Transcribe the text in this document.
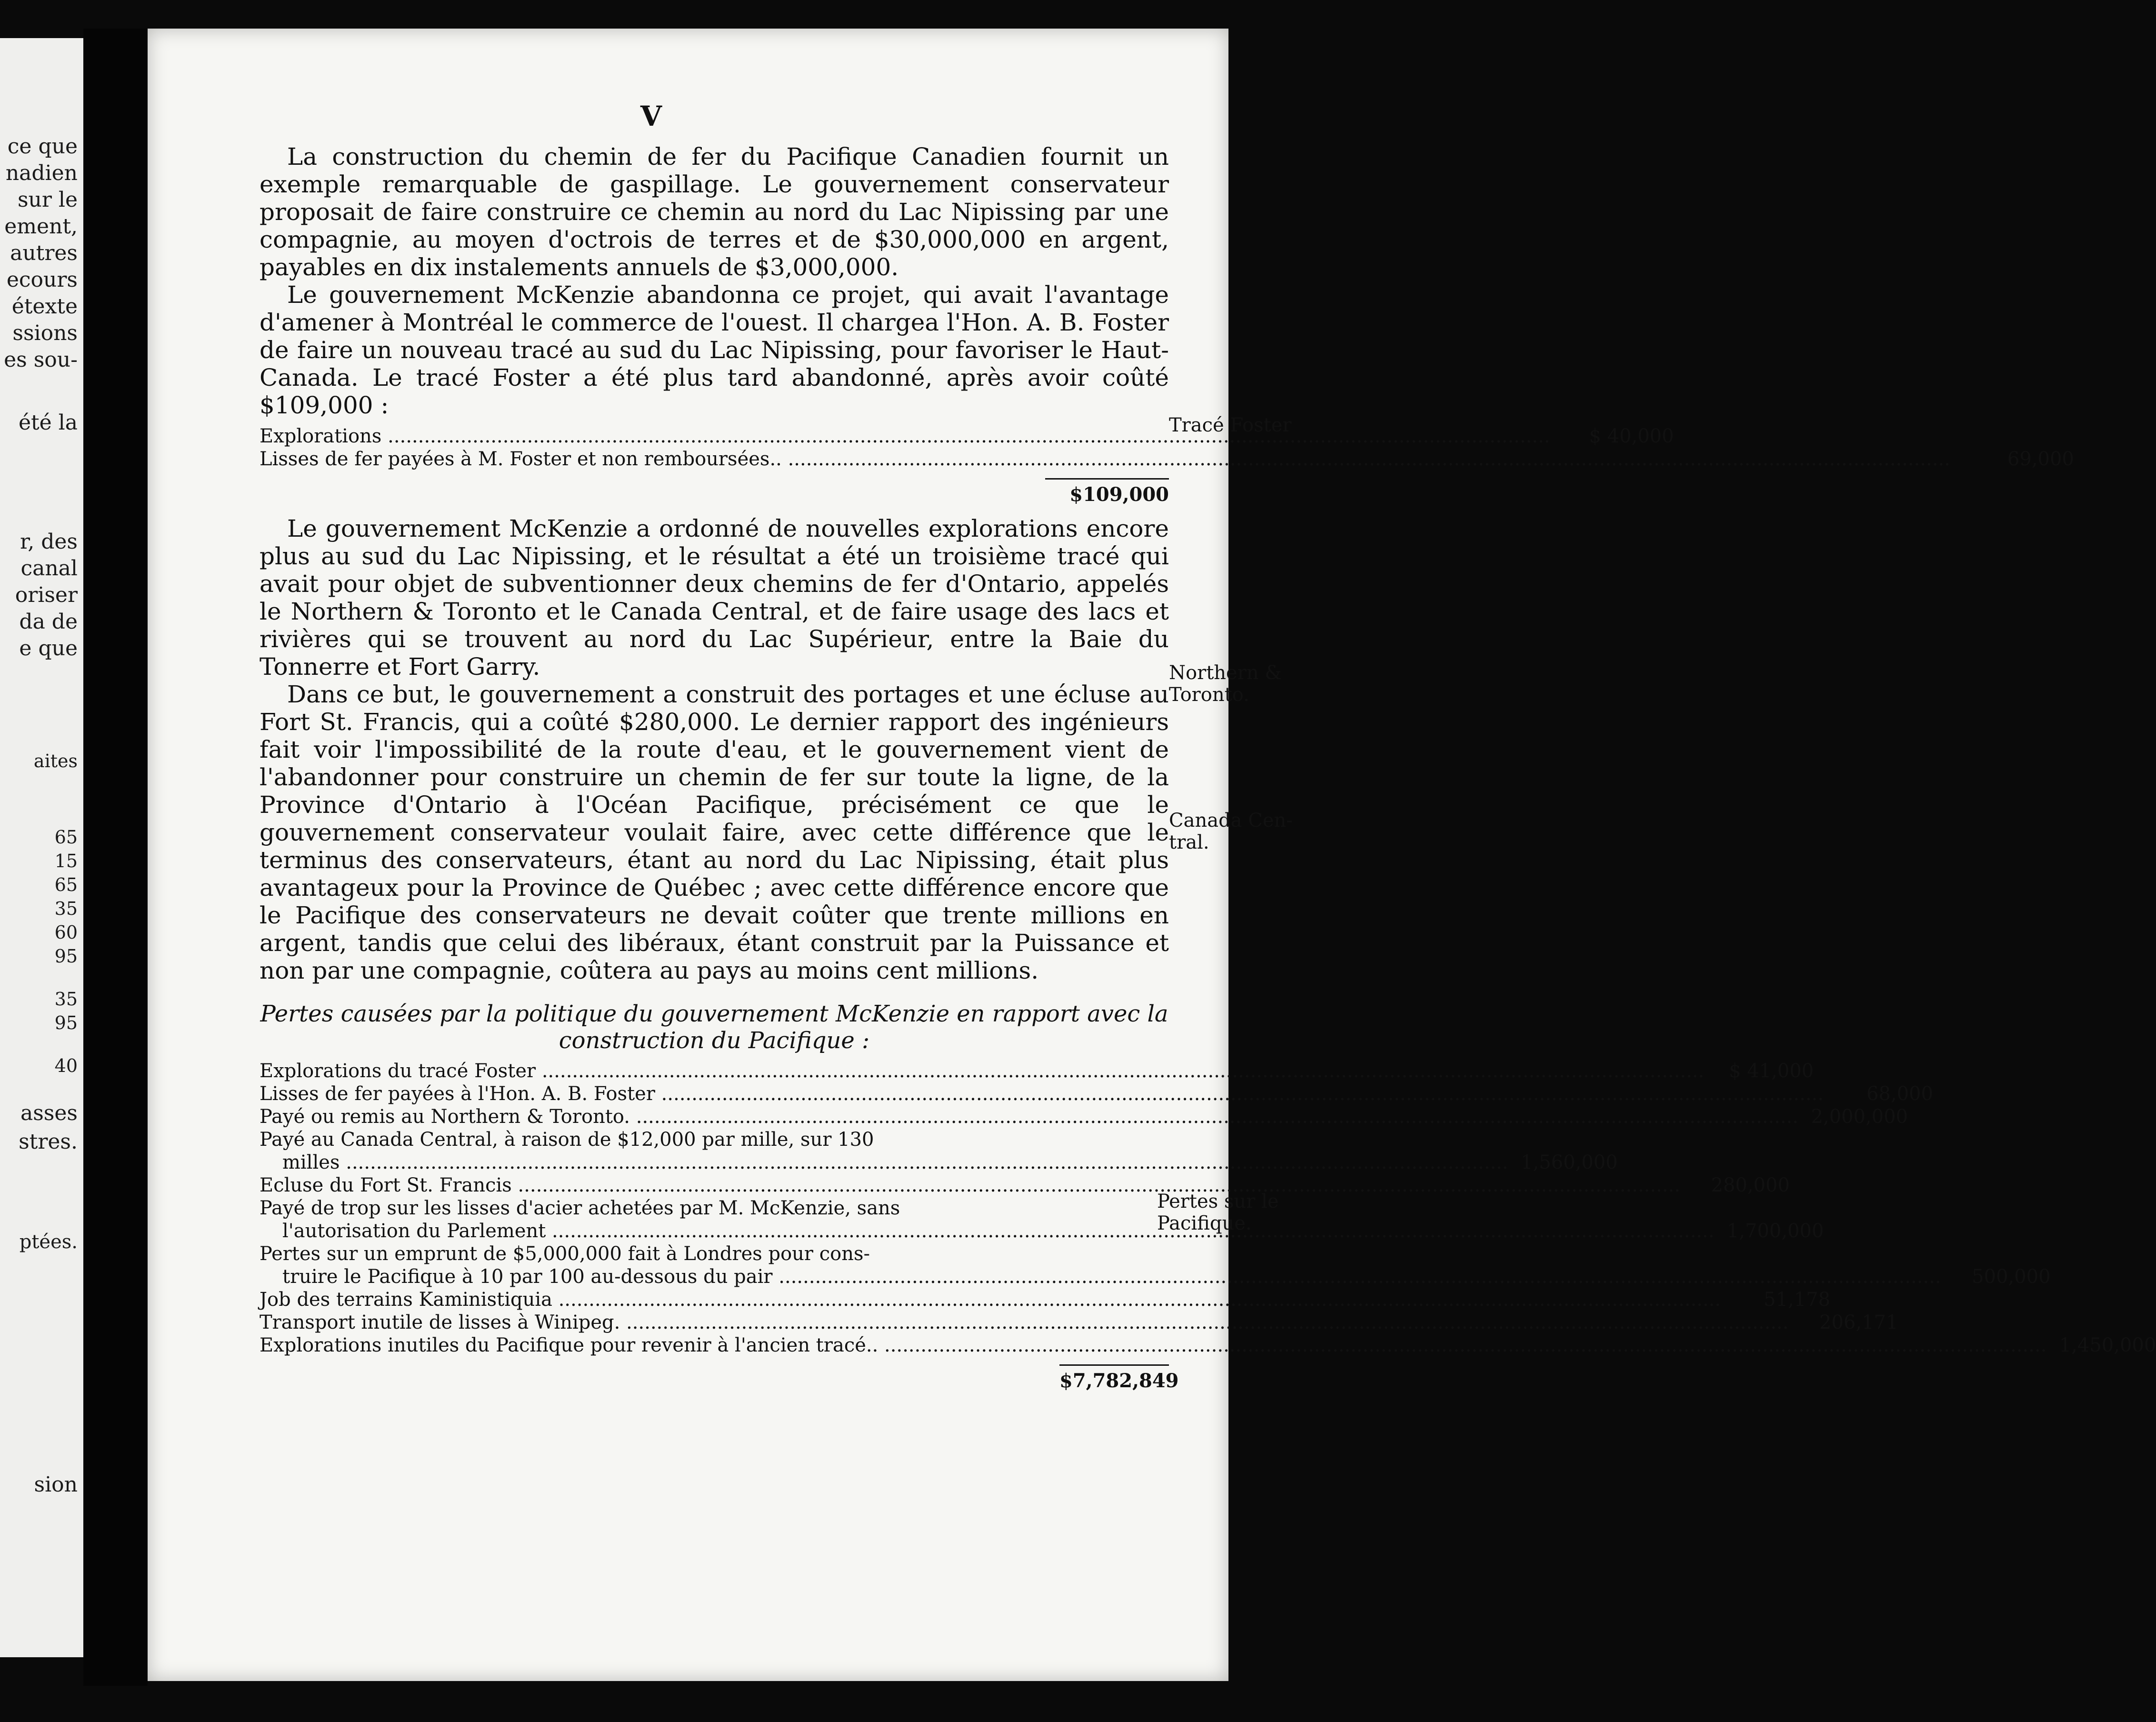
ce que
nadien
sur le
ement,
autres
ecours
étexte
ssions
es sou-
été la
r, des
canal
oriser
da de
e que
aites
65
15
65
35
60
95
35
95
40
asses
stres.
ptées.
sion
V

La construction du chemin de fer du Pacifique Canadien fournit un exemple remarquable de gaspillage. Le gouvernement conservateur proposait de faire construire ce chemin au nord du Lac Nipissing par une compagnie, au moyen d'octrois de terres et de $30,000,000 en argent, payables en dix instalements annuels de $3,000,000.

Le gouvernement McKenzie abandonna ce projet, qui avait l'avantage d'amener à Montréal le commerce de l'ouest. Il chargea l'Hon. A. B. Foster de faire un nouveau tracé au sud du Lac Nipissing, pour favoriser le Haut-Canada. Le tracé Foster a été plus tard abandonné, après avoir coûté $109,000 :

Explorations .....	$ 40,000
Lisses de fer payées à M. Foster et non remboursées.. .....	69,000
$109,000

Le gouvernement McKenzie a ordonné de nouvelles explorations encore plus au sud du Lac Nipissing, et le résultat a été un troisième tracé qui avait pour objet de subventionner deux chemins de fer d'Ontario, appelés le Northern & Toronto et le Canada Central, et de faire usage des lacs et rivières qui se trouvent au nord du Lac Supérieur, entre la Baie du Tonnerre et Fort Garry.

Dans ce but, le gouvernement a construit des portages et une écluse au Fort St. Francis, qui a coûté $280,000. Le dernier rapport des ingénieurs fait voir l'impossibilité de la route d'eau, et le gouvernement vient de l'abandonner pour construire un chemin de fer sur toute la ligne, de la Province d'Ontario à l'Océan Pacifique, précisément ce que le gouvernement conservateur voulait faire, avec cette différence que le terminus des conservateurs, étant au nord du Lac Nipissing, était plus avantageux pour la Province de Québec ; avec cette différence encore que le Pacifique des conservateurs ne devait coûter que trente millions en argent, tandis que celui des libéraux, étant construit par la Puissance et non par une compagnie, coûtera au pays au moins cent millions.

Pertes causées par la politique du gouvernement McKenzie en rapport avec la construction du Pacifique :
Explorations du tracé Foster .....	$ 41,000
Lisses de fer payées à l'Hon. A. B. Foster .....	68,000
Payé ou remis au Northern & Toronto. .....	2,000,000
Payé au Canada Central, à raison de $12,000 par mille, sur 130
milles .....	1,560,000
Ecluse du Fort St. Francis .....	280,000
Payé de trop sur les lisses d'acier achetées par M. McKenzie, sans
l'autorisation du Parlement .....	1,700,000
Pertes sur un emprunt de $5,000,000 fait à Londres pour cons-
truire le Pacifique à 10 par 100 au-dessous du pair .....	500,000
Job des terrains Kaministiquia .....	51,178
Transport inutile de lisses à Winipeg. .....	206,171
Explorations inutiles du Pacifique pour revenir à l'ancien tracé.. .....	1,450,000
$7,782,849
Tracé Foster
Northern &
Toronto.
Canada Cen-
tral.
Pertes sur le
Pacifique.
